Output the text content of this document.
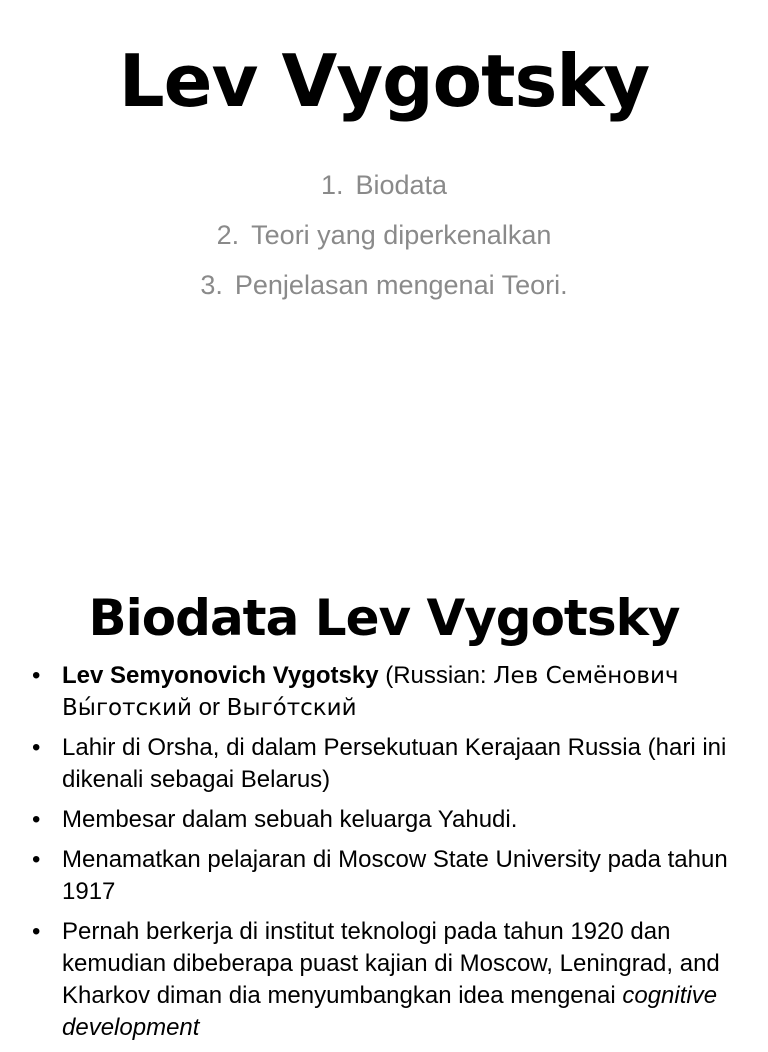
Lev Vygotsky
1. Biodata
2. Teori yang diperkenalkan
3. Penjelasan mengenai Teori.
Biodata Lev Vygotsky
• Lev Semyonovich Vygotsky (Russian: Лев Семёнович Вы́готский or Выго́тский
• Lahir di Orsha, di dalam Persekutuan Kerajaan Russia (hari ini dikenali sebagai Belarus)
• Membesar dalam sebuah keluarga Yahudi.
• Menamatkan pelajaran di Moscow State University pada tahun 1917
• Pernah berkerja di institut teknologi pada tahun 1920 dan kemudian dibeberapa puast kajian di Moscow, Leningrad, and Kharkov diman dia menyumbangkan idea mengenai cognitive development
